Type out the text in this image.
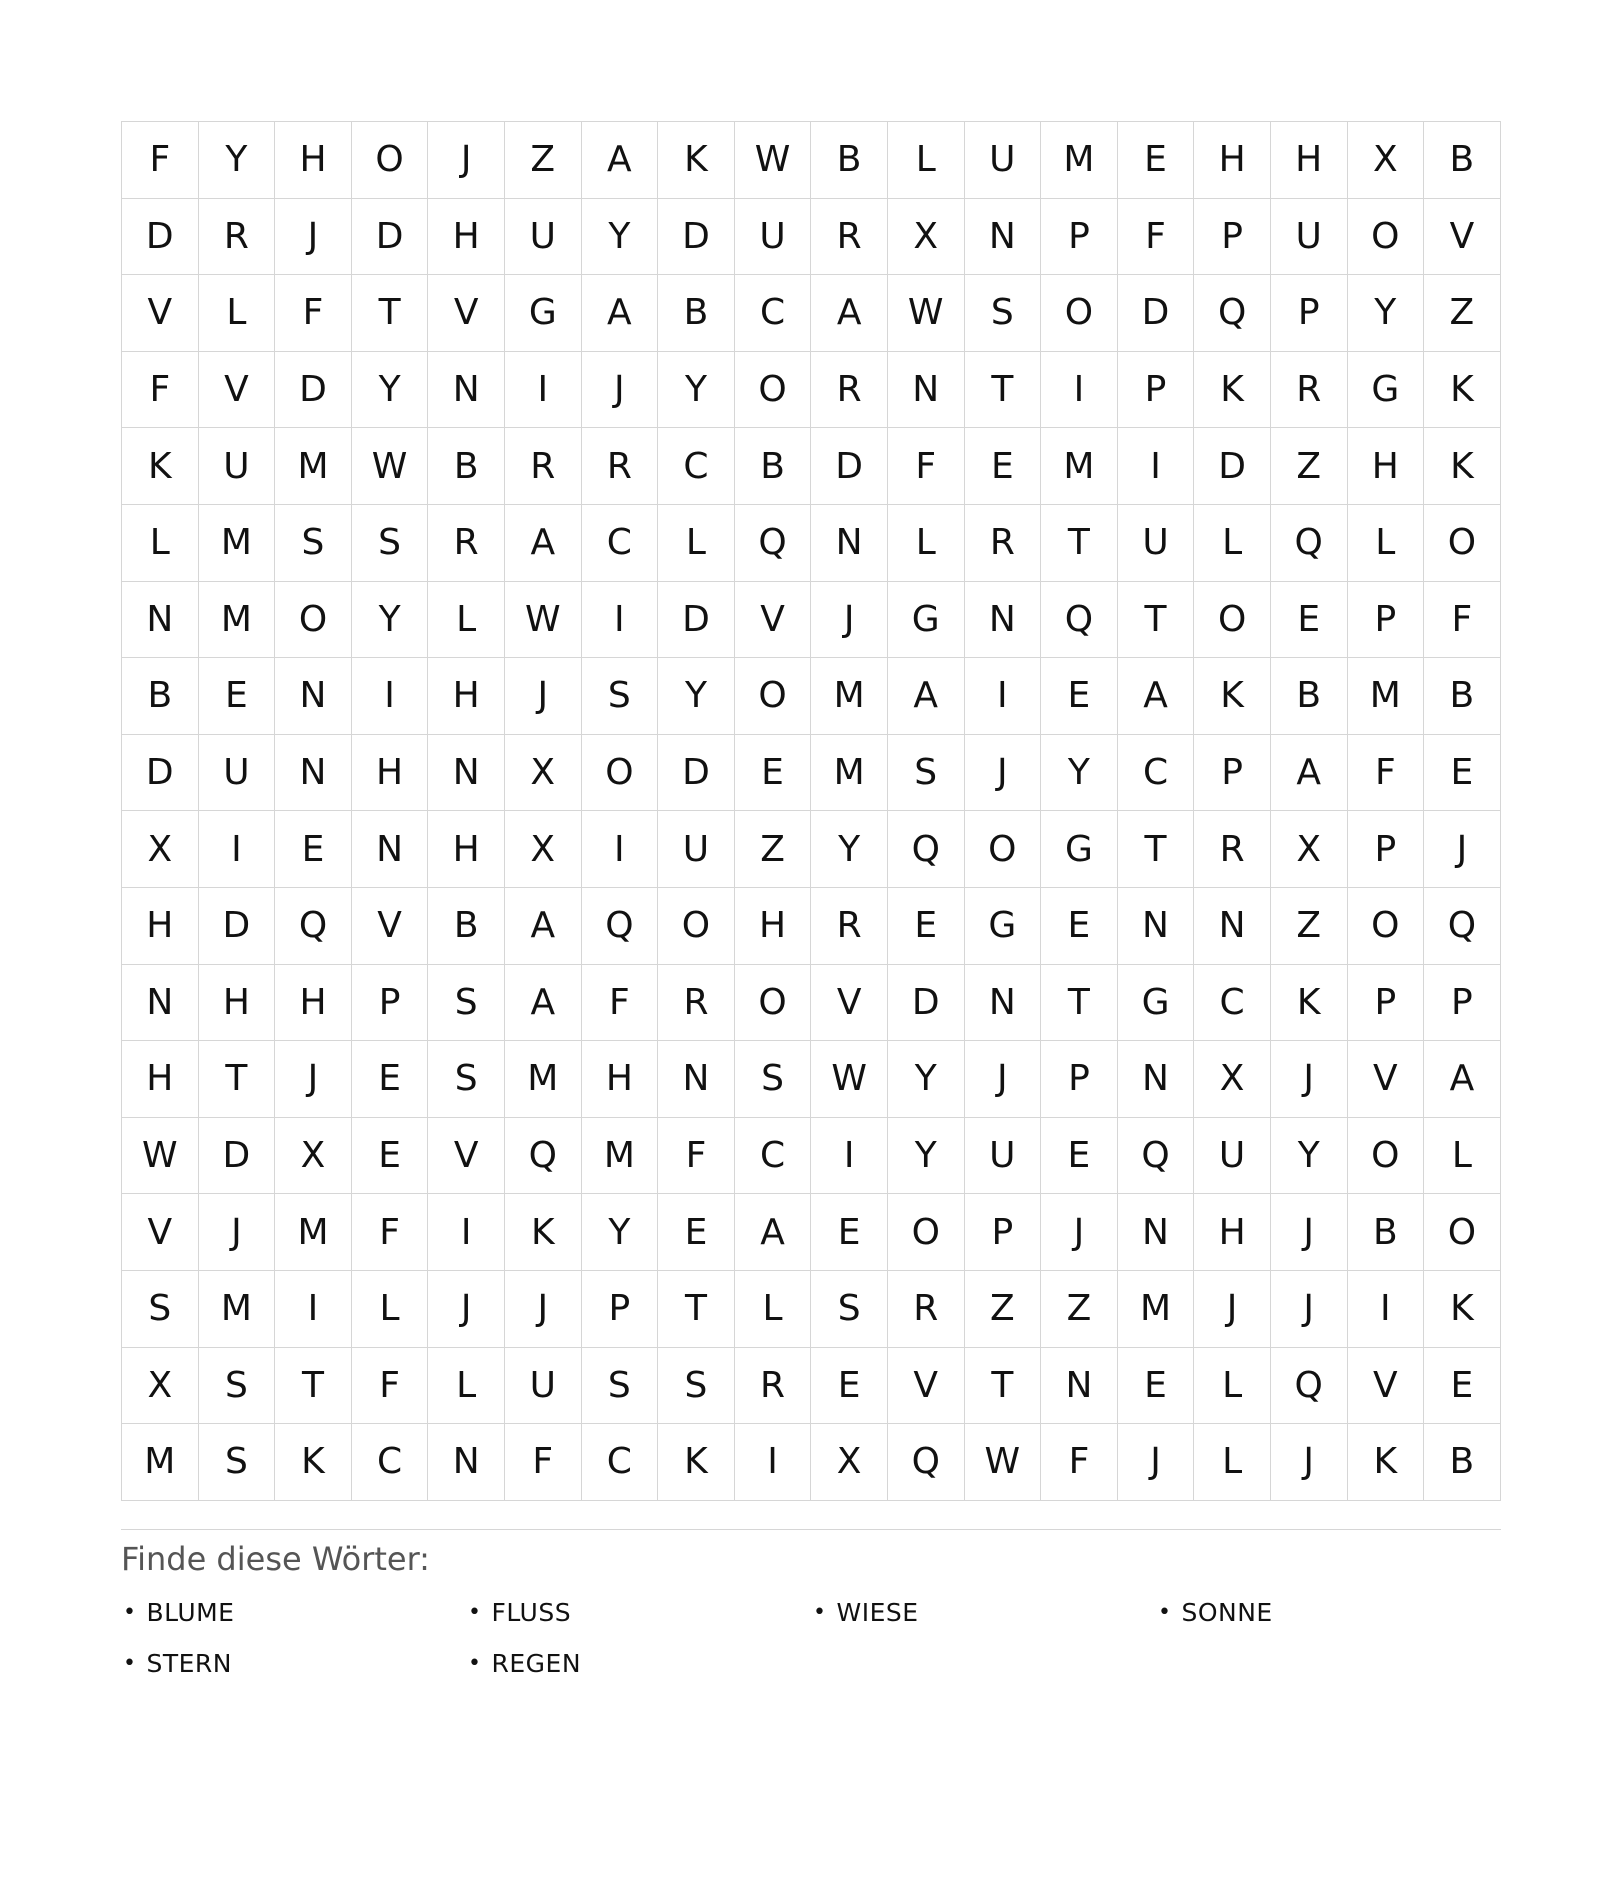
F	Y	H	O	J	Z	A	K	W	B	L	U	M	E	H	H	X	B
D	R	J	D	H	U	Y	D	U	R	X	N	P	F	P	U	O	V
V	L	F	T	V	G	A	B	C	A	W	S	O	D	Q	P	Y	Z
F	V	D	Y	N	I	J	Y	O	R	N	T	I	P	K	R	G	K
K	U	M	W	B	R	R	C	B	D	F	E	M	I	D	Z	H	K
L	M	S	S	R	A	C	L	Q	N	L	R	T	U	L	Q	L	O
N	M	O	Y	L	W	I	D	V	J	G	N	Q	T	O	E	P	F
B	E	N	I	H	J	S	Y	O	M	A	I	E	A	K	B	M	B
D	U	N	H	N	X	O	D	E	M	S	J	Y	C	P	A	F	E
X	I	E	N	H	X	I	U	Z	Y	Q	O	G	T	R	X	P	J
H	D	Q	V	B	A	Q	O	H	R	E	G	E	N	N	Z	O	Q
N	H	H	P	S	A	F	R	O	V	D	N	T	G	C	K	P	P
H	T	J	E	S	M	H	N	S	W	Y	J	P	N	X	J	V	A
W	D	X	E	V	Q	M	F	C	I	Y	U	E	Q	U	Y	O	L
V	J	M	F	I	K	Y	E	A	E	O	P	J	N	H	J	B	O
S	M	I	L	J	J	P	T	L	S	R	Z	Z	M	J	J	I	K
X	S	T	F	L	U	S	S	R	E	V	T	N	E	L	Q	V	E
M	S	K	C	N	F	C	K	I	X	Q	W	F	J	L	J	K	B
Finde diese Wörter:
• BLUME	• FLUSS	• WIESE	• SONNE
• STERN	• REGEN
